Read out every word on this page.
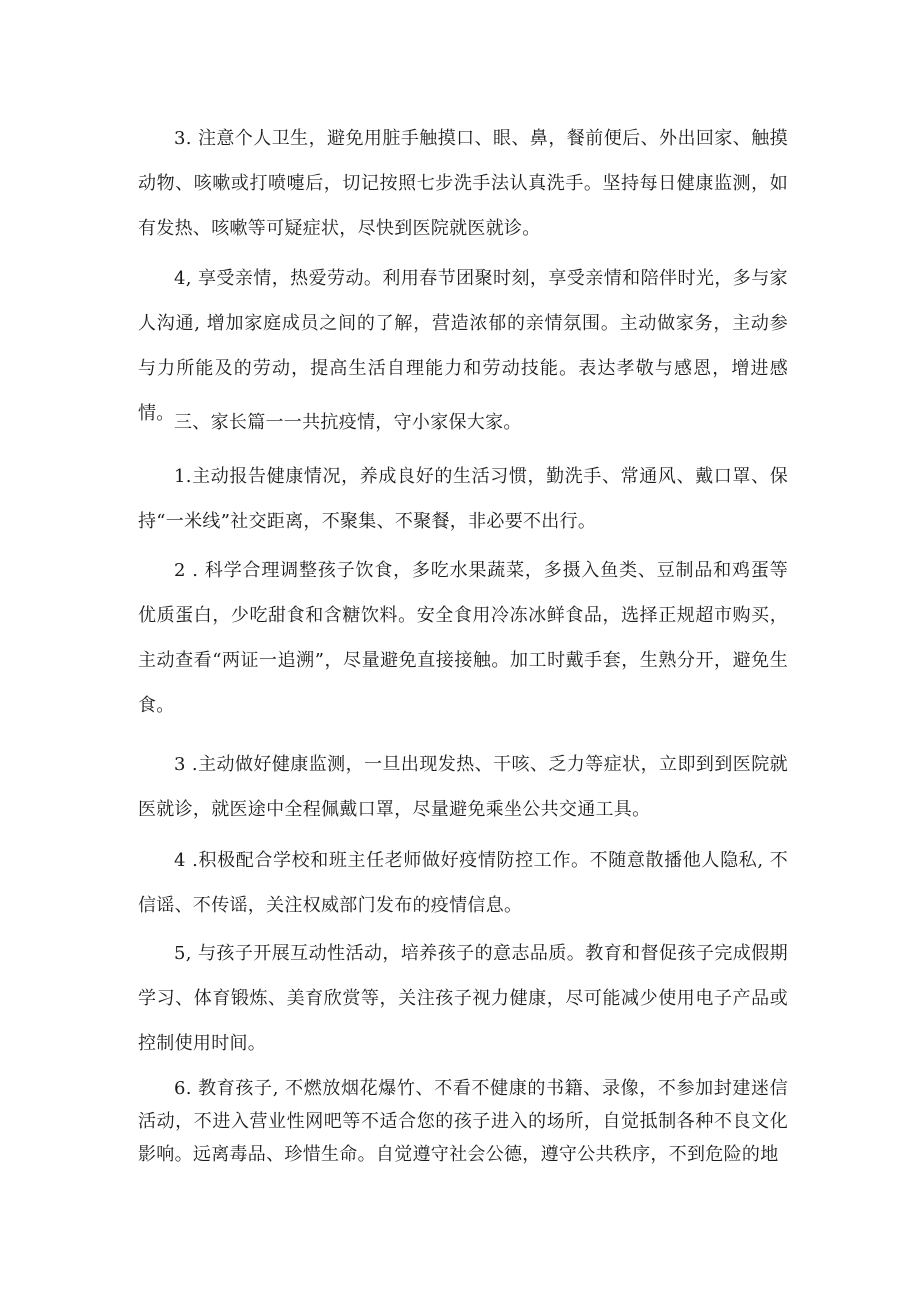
3. 注意个人卫生，避免用脏手触摸口、眼、鼻，餐前便后、外出回家、触摸动物、咳嗽或打喷嚏后，切记按照七步洗手法认真洗手。坚持每日健康监测，如有发热、咳嗽等可疑症状，尽快到医院就医就诊。

4, 享受亲情，热爱劳动。利用春节团聚时刻，享受亲情和陪伴时光，多与家人沟通, 增加家庭成员之间的了解，营造浓郁的亲情氛围。主动做家务，主动参与力所能及的劳动，提高生活自理能力和劳动技能。表达孝敬与感恩，增进感情。 三、家长篇一一共抗疫情，守小家保大家。

1.主动报告健康情况，养成良好的生活习惯，勤洗手、常通风、戴口罩、保持“一米线”社交距离，不聚集、不聚餐，非必要不出行。

2 . 科学合理调整孩子饮食，多吃水果蔬菜，多摄入鱼类、豆制品和鸡蛋等优质蛋白，少吃甜食和含糖饮料。安全食用冷冻冰鲜食品，选择正规超市购买，主动查看“两证一追溯”，尽量避免直接接触。加工时戴手套，生熟分开，避免生食。

3 .主动做好健康监测，一旦出现发热、干咳、乏力等症状，立即到到医院就医就诊，就医途中全程佩戴口罩，尽量避免乘坐公共交通工具。

4 .积极配合学校和班主任老师做好疫情防控工作。不随意散播他人隐私, 不信谣、不传谣，关注权威部门发布的疫情信息。

5, 与孩子开展互动性活动，培养孩子的意志品质。教育和督促孩子完成假期学习、体育锻炼、美育欣赏等，关注孩子视力健康，尽可能减少使用电子产品或控制使用时间。

6. 教育孩子, 不燃放烟花爆竹、不看不健康的书籍、录像，不参加封建迷信活动，不进入营业性网吧等不适合您的孩子进入的场所，自觉抵制各种不良文化影响。远离毒品、珍惜生命。自觉遵守社会公德，遵守公共秩序，不到危险的地
